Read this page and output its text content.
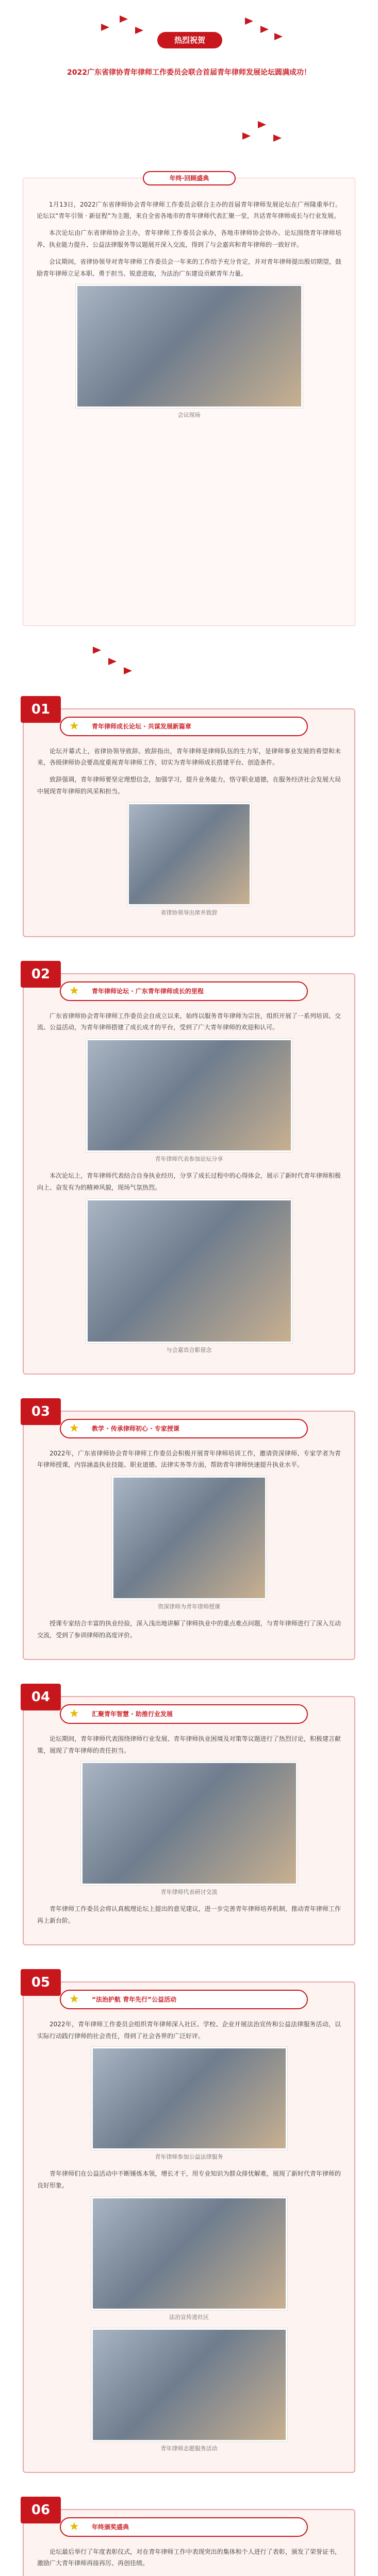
热烈祝贺
2022广东省律协青年律师工作委员会联合首届青年律师发展论坛圆满成功！
年终·回顾盛典

1月13日，2022广东省律师协会青年律师工作委员会联合主办的首届青年律师发展论坛在广州隆重举行。论坛以“青年引领 · 新征程”为主题，来自全省各地市的青年律师代表汇聚一堂，共话青年律师成长与行业发展。

本次论坛由广东省律师协会主办，青年律师工作委员会承办，各地市律师协会协办。论坛围绕青年律师培养、执业能力提升、公益法律服务等议题展开深入交流，得到了与会嘉宾和青年律师的一致好评。

会议期间，省律协领导对青年律师工作委员会一年来的工作给予充分肯定，并对青年律师提出殷切期望，鼓励青年律师立足本职、勇于担当、锐意进取，为法治广东建设贡献青年力量。

会议现场
01
★ 青年律师成长论坛 · 共谋发展新篇章

论坛开幕式上，省律协领导致辞。致辞指出，青年律师是律师队伍的生力军，是律师事业发展的希望和未来，各级律师协会要高度重视青年律师工作，切实为青年律师成长搭建平台、创造条件。

致辞强调，青年律师要坚定理想信念，加强学习，提升业务能力，恪守职业道德，在服务经济社会发展大局中展现青年律师的风采和担当。

省律协领导出席并致辞
02
★ 青年律师论坛 · 广东青年律师成长的里程

广东省律师协会青年律师工作委员会自成立以来，始终以服务青年律师为宗旨，组织开展了一系列培训、交流、公益活动，为青年律师搭建了成长成才的平台，受到了广大青年律师的欢迎和认可。

青年律师代表参加论坛分享

本次论坛上，青年律师代表结合自身执业经历，分享了成长过程中的心得体会，展示了新时代青年律师积极向上、奋发有为的精神风貌，现场气氛热烈。

与会嘉宾合影留念
03
★ 教学 · 传承律师初心 · 专家授课

2022年，广东省律师协会青年律师工作委员会积极开展青年律师培训工作，邀请资深律师、专家学者为青年律师授课，内容涵盖执业技能、职业道德、法律实务等方面，帮助青年律师快速提升执业水平。

资深律师为青年律师授课

授课专家结合丰富的执业经验，深入浅出地讲解了律师执业中的重点难点问题，与青年律师进行了深入互动交流，受到了参训律师的高度评价。

04
★ 汇聚青年智慧 · 助推行业发展

论坛期间，青年律师代表围绕律师行业发展、青年律师执业困境及对策等议题进行了热烈讨论，积极建言献策，展现了青年律师的责任担当。

青年律师代表研讨交流

青年律师工作委员会将认真梳理论坛上提出的意见建议，进一步完善青年律师培养机制，推动青年律师工作再上新台阶。

05
★ “法治护航 青年先行”公益活动

2022年，青年律师工作委员会组织青年律师深入社区、学校、企业开展法治宣传和公益法律服务活动，以实际行动践行律师的社会责任，得到了社会各界的广泛好评。

青年律师参加公益法律服务

青年律师们在公益活动中不断锤炼本领，增长才干，用专业知识为群众排忧解难，展现了新时代青年律师的良好形象。

法治宣传进社区
青年律师志愿服务活动
06
★ 年终颁奖盛典

论坛最后举行了年度表彰仪式，对在青年律师工作中表现突出的集体和个人进行了表彰，颁发了荣誉证书，激励广大青年律师再接再厉、再创佳绩。
